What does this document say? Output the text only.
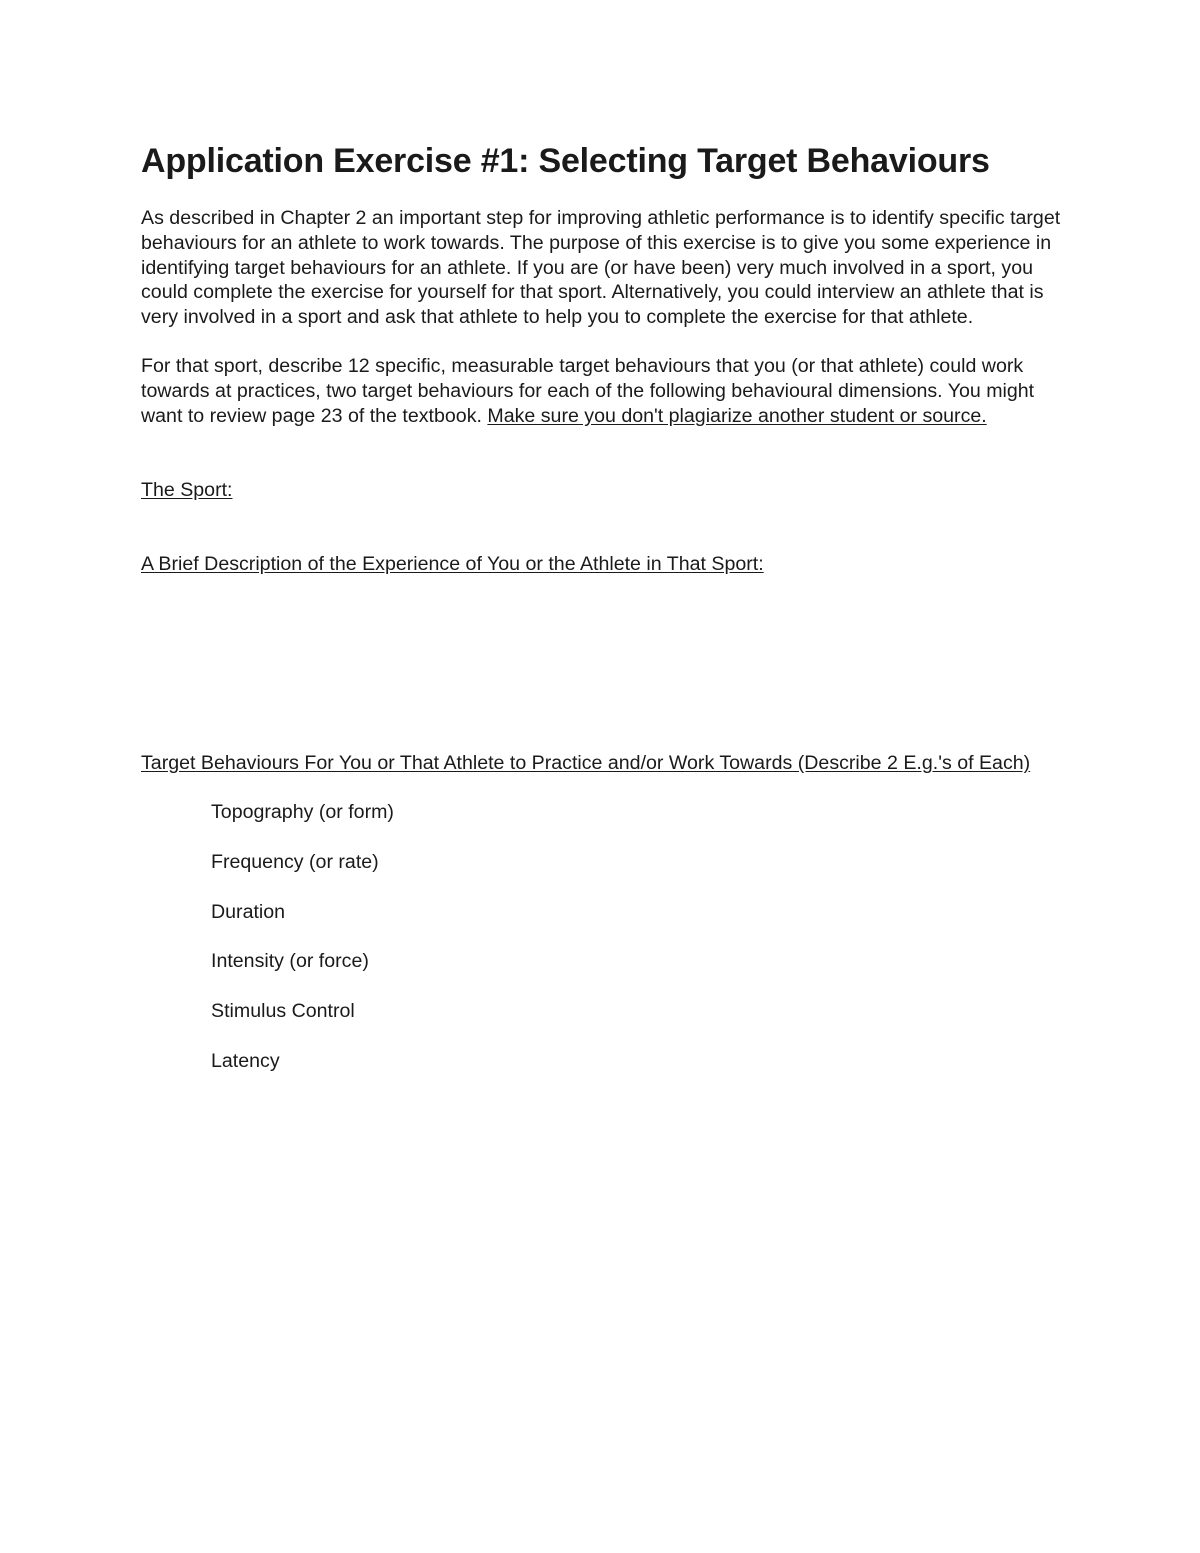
Application Exercise #1: Selecting Target Behaviours

As described in Chapter 2 an important step for improving athletic performance is to identify specific target behaviours for an athlete to work towards. The purpose of this exercise is to give you some experience in identifying target behaviours for an athlete. If you are (or have been) very much involved in a sport, you could complete the exercise for yourself for that sport. Alternatively, you could interview an athlete that is very involved in a sport and ask that athlete to help you to complete the exercise for that athlete.

For that sport, describe 12 specific, measurable target behaviours that you (or that athlete) could work towards at practices, two target behaviours for each of the following behavioural dimensions. You might want to review page 23 of the textbook. Make sure you don't plagiarize another student or source.

The Sport:

A Brief Description of the Experience of You or the Athlete in That Sport:

Target Behaviours For You or That Athlete to Practice and/or Work Towards (Describe 2 E.g.'s of Each)

Topography (or form)
Frequency (or rate)
Duration
Intensity (or force)
Stimulus Control
Latency
